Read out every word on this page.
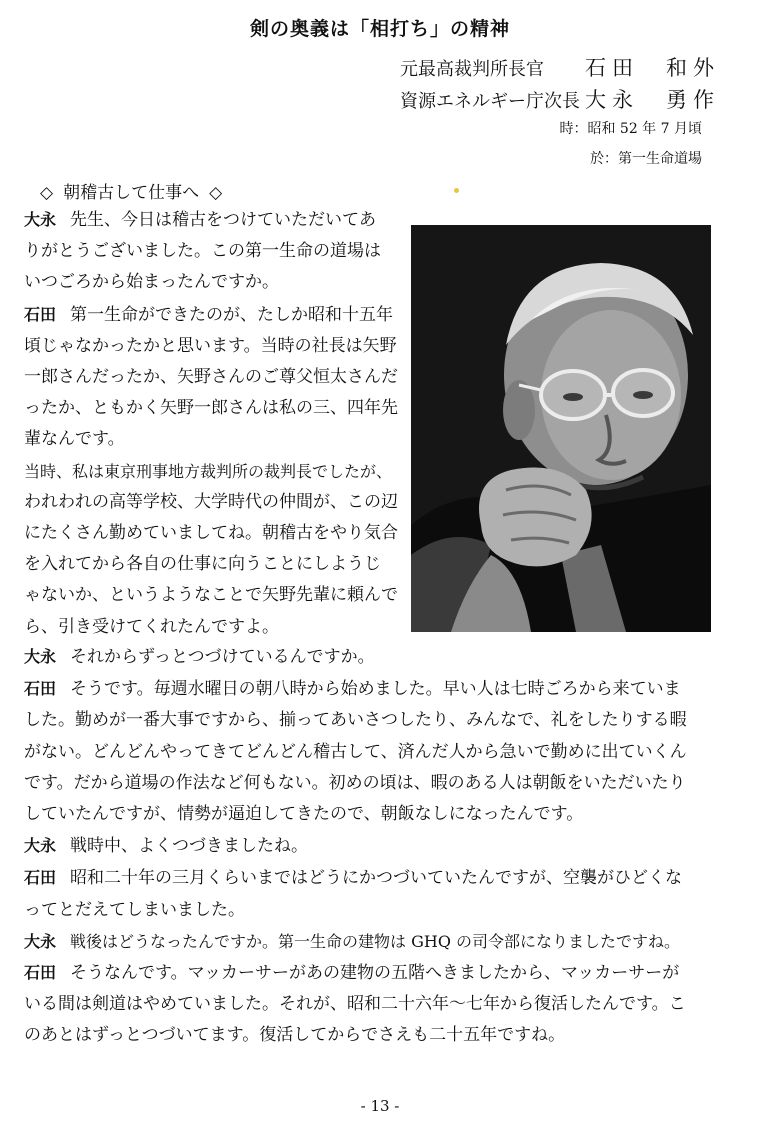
剣の奥義は「相打ち」の精神
元最高裁判所長官 石田　和外
資源エネルギー庁次長 大永　勇作
時：昭和 52 年 7 月頃
於：第一生命道場
◇ 朝稽古して仕事へ ◇
大永 先生、今日は稽古をつけていただいてあ
りがとうございました。この第一生命の道場は
いつごろから始まったんですか。
石田 第一生命ができたのが、たしか昭和十五年
頃じゃなかったかと思います。当時の社長は矢野
一郎さんだったか、矢野さんのご尊父恒太さんだ
ったか、ともかく矢野一郎さんは私の三、四年先
輩なんです。
当時、私は東京刑事地方裁判所の裁判長でしたが、
われわれの高等学校、大学時代の仲間が、この辺
にたくさん勤めていましてね。朝稽古をやり気合
を入れてから各自の仕事に向うことにしようじ
ゃないか、というようなことで矢野先輩に頼んで
ら、引き受けてくれたんですよ。
大永 それからずっとつづけているんですか。
石田 そうです。毎週水曜日の朝八時から始めました。早い人は七時ごろから来ていま
した。勤めが一番大事ですから、揃ってあいさつしたり、みんなで、礼をしたりする暇
がない。どんどんやってきてどんどん稽古して、済んだ人から急いで勤めに出ていくん
です。だから道場の作法など何もない。初めの頃は、暇のある人は朝飯をいただいたり
していたんですが、情勢が逼迫してきたので、朝飯なしになったんです。
大永 戦時中、よくつづきましたね。
石田 昭和二十年の三月くらいまではどうにかつづいていたんですが、空襲がひどくな
ってとだえてしまいました。
大永 戦後はどうなったんですか。第一生命の建物は GHQ の司令部になりましたですね。
石田 そうなんです。マッカーサーがあの建物の五階へきましたから、マッカーサーが
いる間は剣道はやめていました。それが、昭和二十六年～七年から復活したんです。こ
のあとはずっとつづいてます。復活してからでさえも二十五年ですね。
- 13 -
